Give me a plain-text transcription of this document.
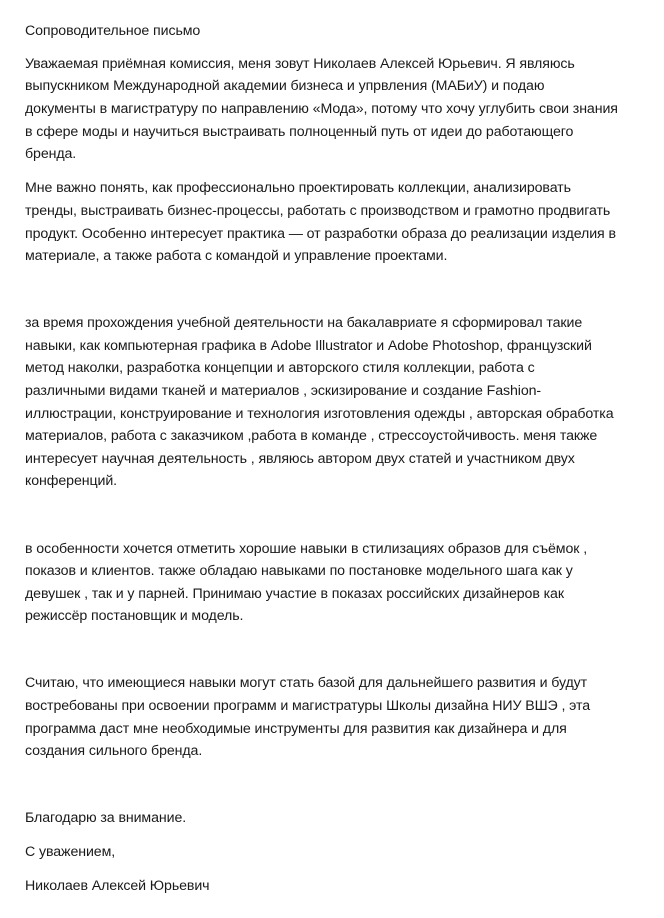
Сопроводительное письмо
Уважаемая приёмная комиссия, меня зовут Николаев Алексей Юрьевич. Я являюсь
выпускником Международной академии бизнеса и упрвления (МАБиУ) и подаю
документы в магистратуру по направлению «Мода», потому что хочу углубить свои знания
в сфере моды и научиться выстраивать полноценный путь от идеи до работающего
бренда.
Мне важно понять, как профессионально проектировать коллекции, анализировать
тренды, выстраивать бизнес-процессы, работать с производством и грамотно продвигать
продукт. Особенно интересует практика — от разработки образа до реализации изделия в
материале, а также работа с командой и управление проектами.
за время прохождения учебной деятельности на бакалавриате я сформировал такие
навыки, как компьютерная графика в Adobe Illustrator и Adobe Photoshop, французский
метод наколки, разработка концепции и авторского стиля коллекции, работа с
различными видами тканей и материалов , эскизирование и создание Fashion-
иллюстрации, конструирование и технология изготовления одежды , авторская обработка
материалов, работа с заказчиком ,работа в команде , стрессоустойчивость. меня также
интересует научная деятельность , являюсь автором двух статей и участником двух
конференций.
в особенности хочется отметить хорошие навыки в стилизациях образов для съёмок ,
показов и клиентов. также обладаю навыками по постановке модельного шага как у
девушек , так и у парней. Принимаю участие в показах российских дизайнеров как
режиссёр постановщик и модель.
Считаю, что имеющиеся навыки могут стать базой для дальнейшего развития и будут
востребованы при освоении программ и магистратуры Школы дизайна НИУ ВШЭ , эта
программа даст мне необходимые инструменты для развития как дизайнера и для
создания сильного бренда.
Благодарю за внимание.
С уважением,
Николаев Алексей Юрьевич
